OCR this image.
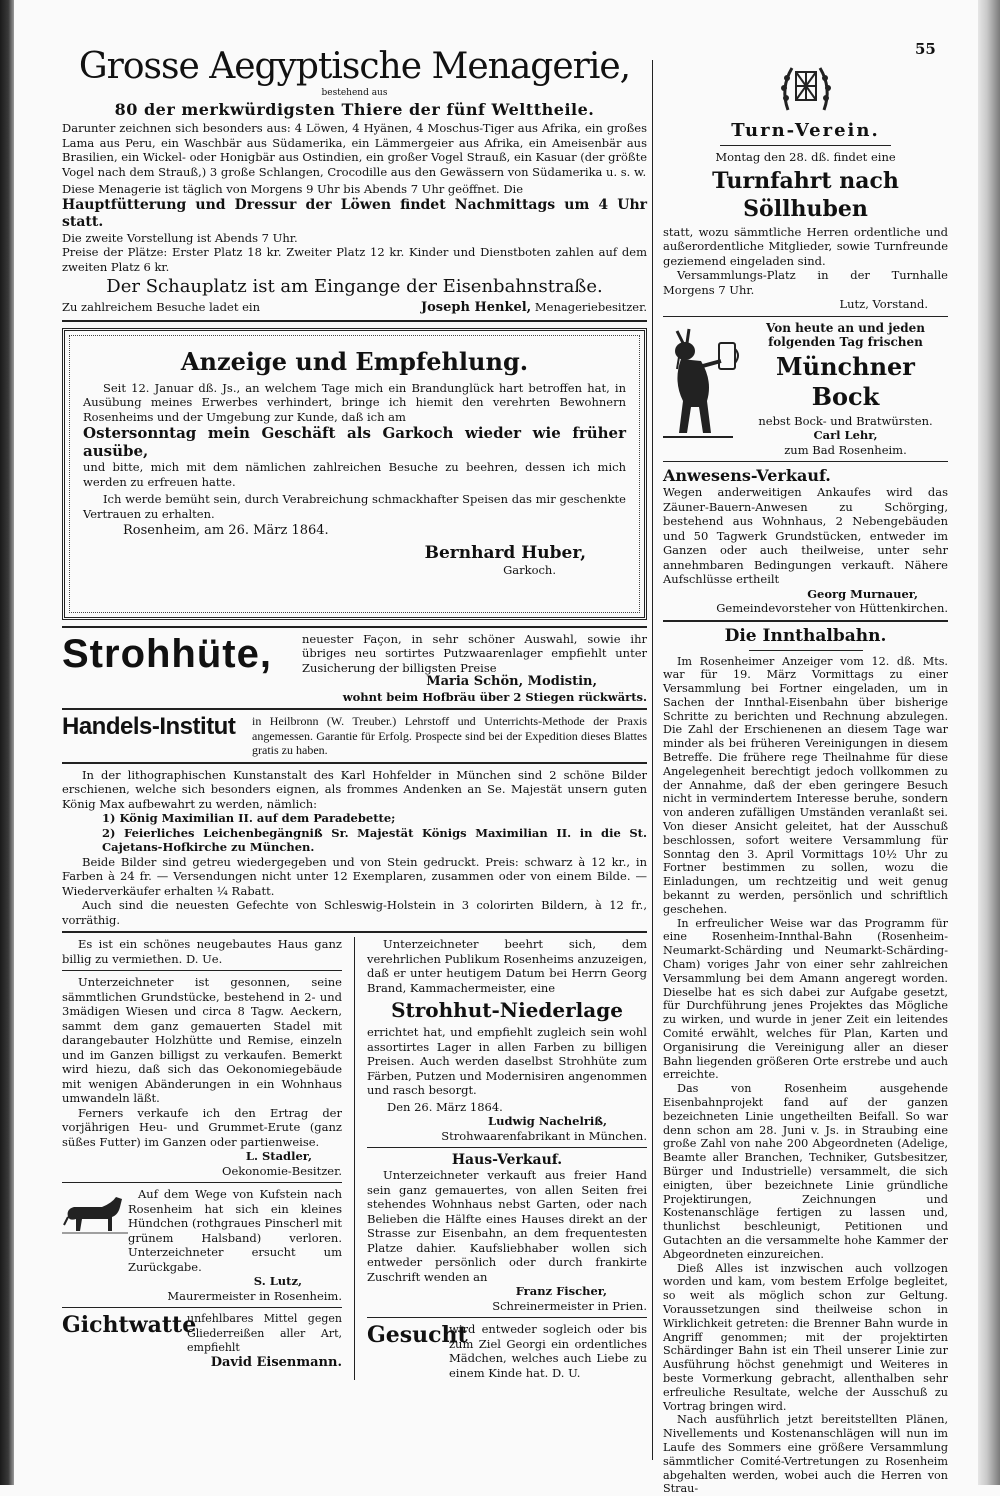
55
Grosse Aegyptische Menagerie,

bestehend aus

80 der merkwürdigsten Thiere der fünf Welttheile.

Darunter zeichnen sich besonders aus: 4 Löwen, 4 Hyänen, 4 Moschus-Tiger aus Afrika, ein großes Lama aus Peru, ein Waschbär aus Südamerika, ein Lämmergeier aus Afrika, ein Ameisenbär aus Brasilien, ein Wickel- oder Honigbär aus Ostindien, ein großer Vogel Strauß, ein Kasuar (der größte Vogel nach dem Strauß,) 3 große Schlangen, Crocodille aus den Gewässern von Südamerika u. s. w.

Diese Menagerie ist täglich von Morgens 9 Uhr bis Abends 7 Uhr geöffnet. Die

Hauptfütterung und Dressur der Löwen findet Nachmittags um 4 Uhr statt.

Die zweite Vorstellung ist Abends 7 Uhr.

Preise der Plätze: Erster Platz 18 kr. Zweiter Platz 12 kr. Kinder und Dienstboten zahlen auf dem zweiten Platz 6 kr.

Der Schauplatz ist am Eingange der Eisenbahnstraße.

Zu zahlreichem Besuche ladet ein	Joseph Henkel, Menageriebesitzer.

Anzeige und Empfehlung.

Seit 12. Januar dß. Js., an welchem Tage mich ein Brandunglück hart betroffen hat, in Ausübung meines Erwerbes verhindert, bringe ich hiemit den verehrten Bewohnern Rosenheims und der Umgebung zur Kunde, daß ich am

Ostersonntag mein Geschäft als Garkoch wieder wie früher ausübe,

und bitte, mich mit dem nämlichen zahlreichen Besuche zu beehren, dessen ich mich werden zu erfreuen hatte.

Ich werde bemüht sein, durch Verabreichung schmackhafter Speisen das mir geschenkte Vertrauen zu erhalten.

Rosenheim, am 26. März 1864.

Bernhard Huber,

Garkoch.

Strohhüte,	neuester Façon, in sehr schöner Auswahl, sowie ihr übriges neu sortirtes Putzwaarenlager empfiehlt unter Zusicherung der billigsten Preise

Maria Schön, Modistin,

wohnt beim Hofbräu über 2 Stiegen rückwärts.

Handels-Institut	in Heilbronn (W. Treuber.) Lehrstoff und Unterrichts-Methode der Praxis angemessen. Garantie für Erfolg. Prospecte sind bei der Expedition dieses Blattes gratis zu haben.

In der lithographischen Kunstanstalt des Karl Hohfelder in München sind 2 schöne Bilder erschienen, welche sich besonders eignen, als frommes Andenken an Se. Majestät unsern guten König Max aufbewahrt zu werden, nämlich:

1) König Maximilian II. auf dem Paradebette;

2) Feierliches Leichenbegängniß Sr. Majestät Königs Maximilian II. in die St. Cajetans-Hofkirche zu München.

Beide Bilder sind getreu wiedergegeben und von Stein gedruckt. Preis: schwarz à 12 kr., in Farben à 24 fr. — Versendungen nicht unter 12 Exemplaren, zusammen oder von einem Bilde. — Wiederverkäufer erhalten ¼ Rabatt.

Auch sind die neuesten Gefechte von Schleswig-Holstein in 3 colorirten Bildern, à 12 fr., vorräthig.

Es ist ein schönes neugebautes Haus ganz billig zu vermiethen. D. Ue.

Unterzeichneter ist gesonnen, seine sämmtlichen Grundstücke, bestehend in 2- und 3mädigen Wiesen und circa 8 Tagw. Aeckern, sammt dem ganz gemauerten Stadel mit darangebauter Holzhütte und Remise, einzeln und im Ganzen billigst zu verkaufen. Bemerkt wird hiezu, daß sich das Oekonomiegebäude mit wenigen Abänderungen in ein Wohnhaus umwandeln läßt.

Ferners verkaufe ich den Ertrag der vorjährigen Heu- und Grummet-Erute (ganz süßes Futter) im Ganzen oder partienweise.

L. Stadler,

Oekonomie-Besitzer.

Auf dem Wege von Kufstein nach Rosenheim hat sich ein kleines Hündchen (rothgraues Pinscherl mit grünem Halsband) verloren. Unterzeichneter ersucht um Zurückgabe.

S. Lutz,

Maurermeister in Rosenheim.

Gichtwatte

unfehlbares Mittel gegen Gliederreißen aller Art, empfiehlt

David Eisenmann.

Unterzeichneter beehrt sich, dem verehrlichen Publikum Rosenheims anzuzeigen, daß er unter heutigem Datum bei Herrn Georg Brand, Kammachermeister, eine

Strohhut-Niederlage

errichtet hat, und empfiehlt zugleich sein wohl assortirtes Lager in allen Farben zu billigen Preisen. Auch werden daselbst Strohhüte zum Färben, Putzen und Modernisiren angenommen und rasch besorgt.

Den 26. März 1864.

Ludwig Nachelriß,

Strohwaarenfabrikant in München.

Haus-Verkauf.

Unterzeichneter verkauft aus freier Hand sein ganz gemauertes, von allen Seiten frei stehendes Wohnhaus nebst Garten, oder nach Belieben die Hälfte eines Hauses direkt an der Strasse zur Eisenbahn, an dem frequentesten Platze dahier. Kaufsliebhaber wollen sich entweder persönlich oder durch frankirte Zuschrift wenden an

Franz Fischer,

Schreinermeister in Prien.

Gesucht

wird entweder sogleich oder bis zum Ziel Georgi ein ordentliches Mädchen, welches auch Liebe zu einem Kinde hat. D. U.

Turn-Verein.

Montag den 28. dß. findet eine

Turnfahrt nach Söllhuben

statt, wozu sämmtliche Herren ordentliche und außerordentliche Mitglieder, sowie Turnfreunde geziemend eingeladen sind.

Versammlungs-Platz in der Turnhalle Morgens 7 Uhr.

Lutz, Vorstand.

Von heute an und jeden folgenden Tag frischen

Münchner Bock

nebst Bock- und Bratwürsten.

Carl Lehr,

zum Bad Rosenheim.

Anwesens-Verkauf.

Wegen anderweitigen Ankaufes wird das Zäuner-Bauern-Anwesen zu Schörging, bestehend aus Wohnhaus, 2 Nebengebäuden und 50 Tagwerk Grundstücken, entweder im Ganzen oder auch theilweise, unter sehr annehmbaren Bedingungen verkauft. Nähere Aufschlüsse ertheilt

Georg Murnauer,

Gemeindevorsteher von Hüttenkirchen.

Die Innthalbahn.

Im Rosenheimer Anzeiger vom 12. dß. Mts. war für 19. März Vormittags zu einer Versammlung bei Fortner eingeladen, um in Sachen der Innthal-Eisenbahn über bisherige Schritte zu berichten und Rechnung abzulegen. Die Zahl der Erschienenen an diesem Tage war minder als bei früheren Vereinigungen in diesem Betreffe. Die frühere rege Theilnahme für diese Angelegenheit berechtigt jedoch vollkommen zu der Annahme, daß der eben geringere Besuch nicht in vermindertem Interesse beruhe, sondern von anderen zufälligen Umständen veranlaßt sei. Von dieser Ansicht geleitet, hat der Ausschuß beschlossen, sofort weitere Versammlung für Sonntag den 3. April Vormittags 10½ Uhr zu Fortner bestimmen zu sollen, wozu die Einladungen, um rechtzeitig und weit genug bekannt zu werden, persönlich und schriftlich geschehen.

In erfreulicher Weise war das Programm für eine Rosenheim-Innthal-Bahn (Rosenheim-Neumarkt-Schärding und Neumarkt-Schärding-Cham) voriges Jahr von einer sehr zahlreichen Versammlung bei dem Amann angeregt worden. Dieselbe hat es sich dabei zur Aufgabe gesetzt, für Durchführung jenes Projektes das Mögliche zu wirken, und wurde in jener Zeit ein leitendes Comité erwählt, welches für Plan, Karten und Organisirung die Vereinigung aller an dieser Bahn liegenden größeren Orte erstrebe und auch erreichte.

Das von Rosenheim ausgehende Eisenbahnprojekt fand auf der ganzen bezeichneten Linie ungetheilten Beifall. So war denn schon am 28. Juni v. Js. in Straubing eine große Zahl von nahe 200 Abgeordneten (Adelige, Beamte aller Branchen, Techniker, Gutsbesitzer, Bürger und Industrielle) versammelt, die sich einigten, über bezeichnete Linie gründliche Projektirungen, Zeichnungen und Kostenanschläge fertigen zu lassen und, thunlichst beschleunigt, Petitionen und Gutachten an die versammelte hohe Kammer der Abgeordneten einzureichen.

Dieß Alles ist inzwischen auch vollzogen worden und kam, vom bestem Erfolge begleitet, so weit als möglich schon zur Geltung. Voraussetzungen sind theilweise schon in Wirklichkeit getreten: die Brenner Bahn wurde in Angriff genommen; mit der projektirten Schärdinger Bahn ist ein Theil unserer Linie zur Ausführung höchst genehmigt und Weiteres in beste Vormerkung gebracht, allenthalben sehr erfreuliche Resultate, welche der Ausschuß zu Vortrag bringen wird.

Nach ausführlich jetzt bereitstellten Plänen, Nivellements und Kostenanschlägen will nun im Laufe des Sommers eine größere Versammlung sämmtlicher Comité-Vertretungen zu Rosenheim abgehalten werden, wobei auch die Herren von Strau-
